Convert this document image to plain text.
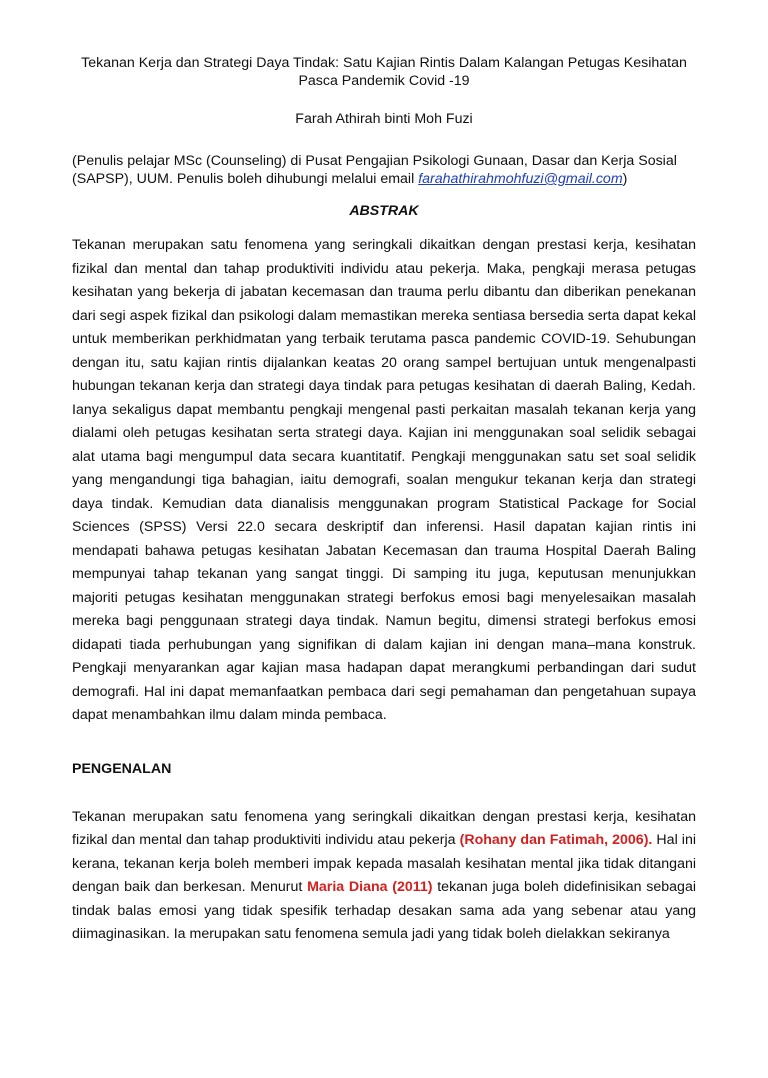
Tekanan Kerja dan Strategi Daya Tindak: Satu Kajian Rintis Dalam Kalangan Petugas Kesihatan Pasca Pandemik Covid -19
Farah Athirah binti Moh Fuzi
(Penulis pelajar MSc (Counseling) di Pusat Pengajian Psikologi Gunaan, Dasar dan Kerja Sosial (SAPSP), UUM. Penulis boleh dihubungi melalui email farahathirahmohfuzi@gmail.com)
ABSTRAK
Tekanan merupakan satu fenomena yang seringkali dikaitkan dengan prestasi kerja, kesihatan fizikal dan mental dan tahap produktiviti individu atau pekerja. Maka, pengkaji merasa petugas kesihatan yang bekerja di jabatan kecemasan dan trauma perlu dibantu dan diberikan penekanan dari segi aspek fizikal dan psikologi dalam memastikan mereka sentiasa bersedia serta dapat kekal untuk memberikan perkhidmatan yang terbaik terutama pasca pandemic COVID-19. Sehubungan dengan itu, satu kajian rintis dijalankan keatas 20 orang sampel bertujuan untuk mengenalpasti hubungan tekanan kerja dan strategi daya tindak para petugas kesihatan di daerah Baling, Kedah. Ianya sekaligus dapat membantu pengkaji mengenal pasti perkaitan masalah tekanan kerja yang dialami oleh petugas kesihatan serta strategi daya. Kajian ini menggunakan soal selidik sebagai alat utama bagi mengumpul data secara kuantitatif. Pengkaji menggunakan satu set soal selidik yang mengandungi tiga bahagian, iaitu demografi, soalan mengukur tekanan kerja dan strategi daya tindak. Kemudian data dianalisis menggunakan program Statistical Package for Social Sciences (SPSS) Versi 22.0 secara deskriptif dan inferensi. Hasil dapatan kajian rintis ini mendapati bahawa petugas kesihatan Jabatan Kecemasan dan trauma Hospital Daerah Baling mempunyai tahap tekanan yang sangat tinggi. Di samping itu juga, keputusan menunjukkan majoriti petugas kesihatan menggunakan strategi berfokus emosi bagi menyelesaikan masalah mereka bagi penggunaan strategi daya tindak. Namun begitu, dimensi strategi berfokus emosi didapati tiada perhubungan yang signifikan di dalam kajian ini dengan mana–mana konstruk. Pengkaji menyarankan agar kajian masa hadapan dapat merangkumi perbandingan dari sudut demografi. Hal ini dapat memanfaatkan pembaca dari segi pemahaman dan pengetahuan supaya dapat menambahkan ilmu dalam minda pembaca.
PENGENALAN
Tekanan merupakan satu fenomena yang seringkali dikaitkan dengan prestasi kerja, kesihatan fizikal dan mental dan tahap produktiviti individu atau pekerja (Rohany dan Fatimah, 2006). Hal ini kerana, tekanan kerja boleh memberi impak kepada masalah kesihatan mental jika tidak ditangani dengan baik dan berkesan. Menurut Maria Diana (2011) tekanan juga boleh didefinisikan sebagai tindak balas emosi yang tidak spesifik terhadap desakan sama ada yang sebenar atau yang diimaginasikan. Ia merupakan satu fenomena semula jadi yang tidak boleh dielakkan sekiranya
